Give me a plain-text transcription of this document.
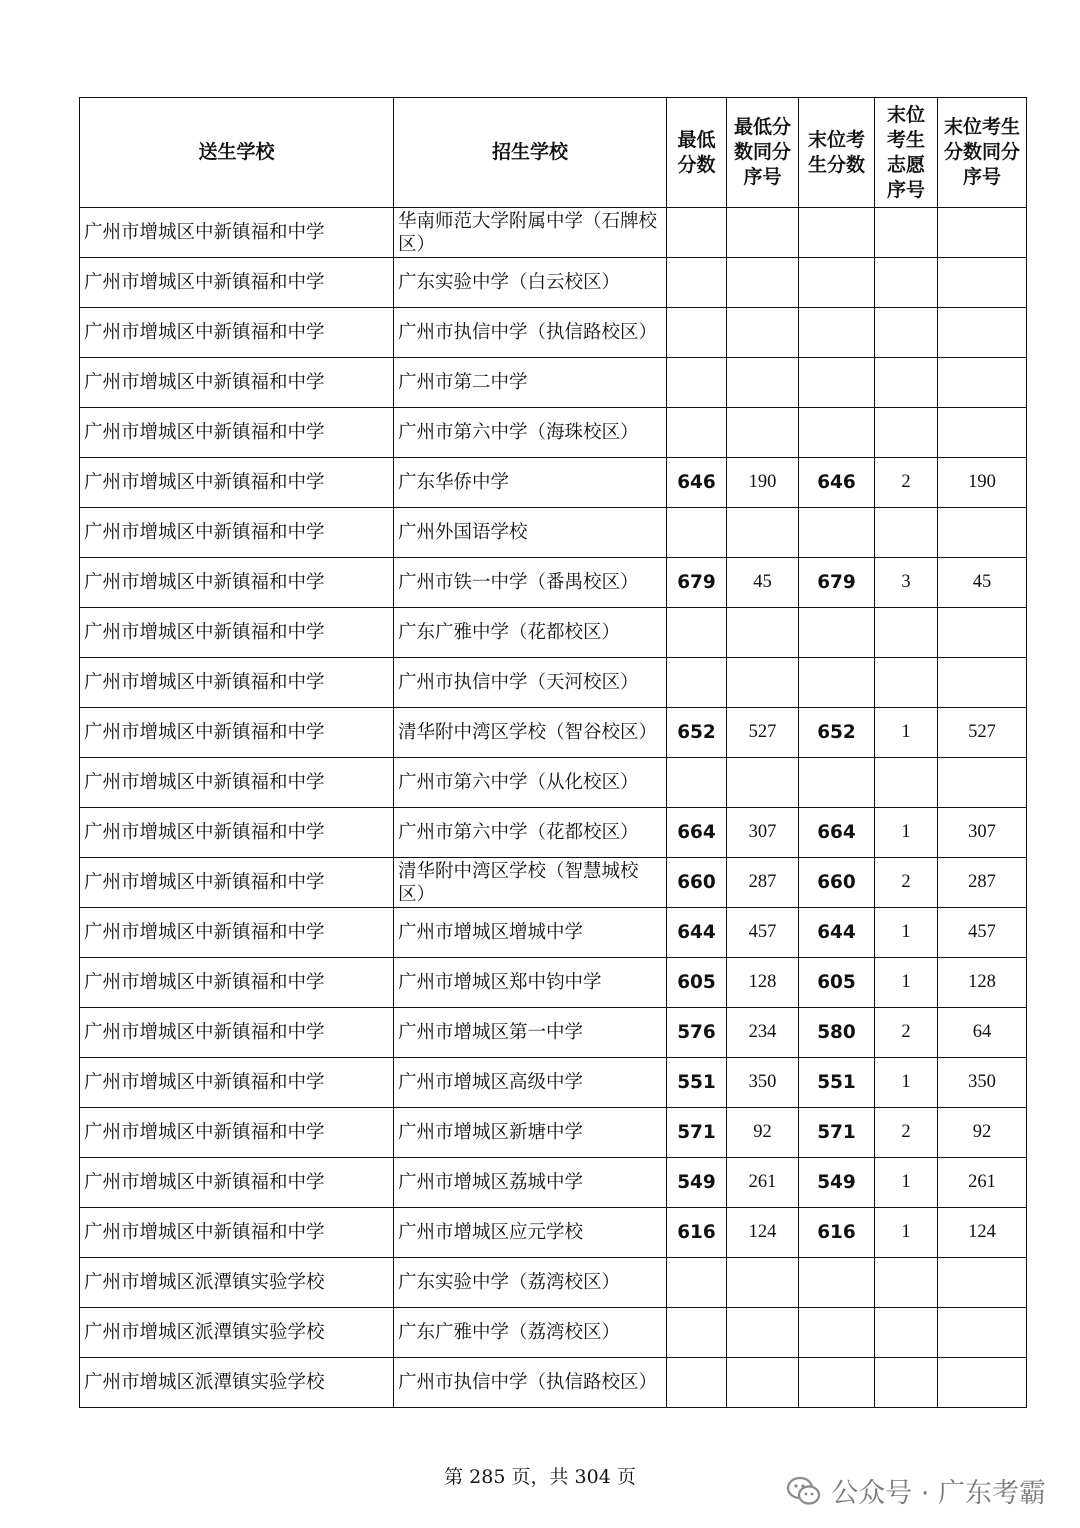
送生学校	招生学校	最低分数	最低分数同分序号	末位考生分数	末位考生志愿序号	末位考生分数同分序号
广州市增城区中新镇福和中学	华南师范大学附属中学（石牌校区）					
广州市增城区中新镇福和中学	广东实验中学（白云校区）					
广州市增城区中新镇福和中学	广州市执信中学（执信路校区）					
广州市增城区中新镇福和中学	广州市第二中学					
广州市增城区中新镇福和中学	广州市第六中学（海珠校区）					
广州市增城区中新镇福和中学	广东华侨中学	646	190	646	2	190
广州市增城区中新镇福和中学	广州外国语学校					
广州市增城区中新镇福和中学	广州市铁一中学（番禺校区）	679	45	679	3	45
广州市增城区中新镇福和中学	广东广雅中学（花都校区）					
广州市增城区中新镇福和中学	广州市执信中学（天河校区）					
广州市增城区中新镇福和中学	清华附中湾区学校（智谷校区）	652	527	652	1	527
广州市增城区中新镇福和中学	广州市第六中学（从化校区）					
广州市增城区中新镇福和中学	广州市第六中学（花都校区）	664	307	664	1	307
广州市增城区中新镇福和中学	清华附中湾区学校（智慧城校区）	660	287	660	2	287
广州市增城区中新镇福和中学	广州市增城区增城中学	644	457	644	1	457
广州市增城区中新镇福和中学	广州市增城区郑中钧中学	605	128	605	1	128
广州市增城区中新镇福和中学	广州市增城区第一中学	576	234	580	2	64
广州市增城区中新镇福和中学	广州市增城区高级中学	551	350	551	1	350
广州市增城区中新镇福和中学	广州市增城区新塘中学	571	92	571	2	92
广州市增城区中新镇福和中学	广州市增城区荔城中学	549	261	549	1	261
广州市增城区中新镇福和中学	广州市增城区应元学校	616	124	616	1	124
广州市增城区派潭镇实验学校	广东实验中学（荔湾校区）					
广州市增城区派潭镇实验学校	广东广雅中学（荔湾校区）					
广州市增城区派潭镇实验学校	广州市执信中学（执信路校区）					
第 285 页，共 304 页
公众号 · 广东考霸
